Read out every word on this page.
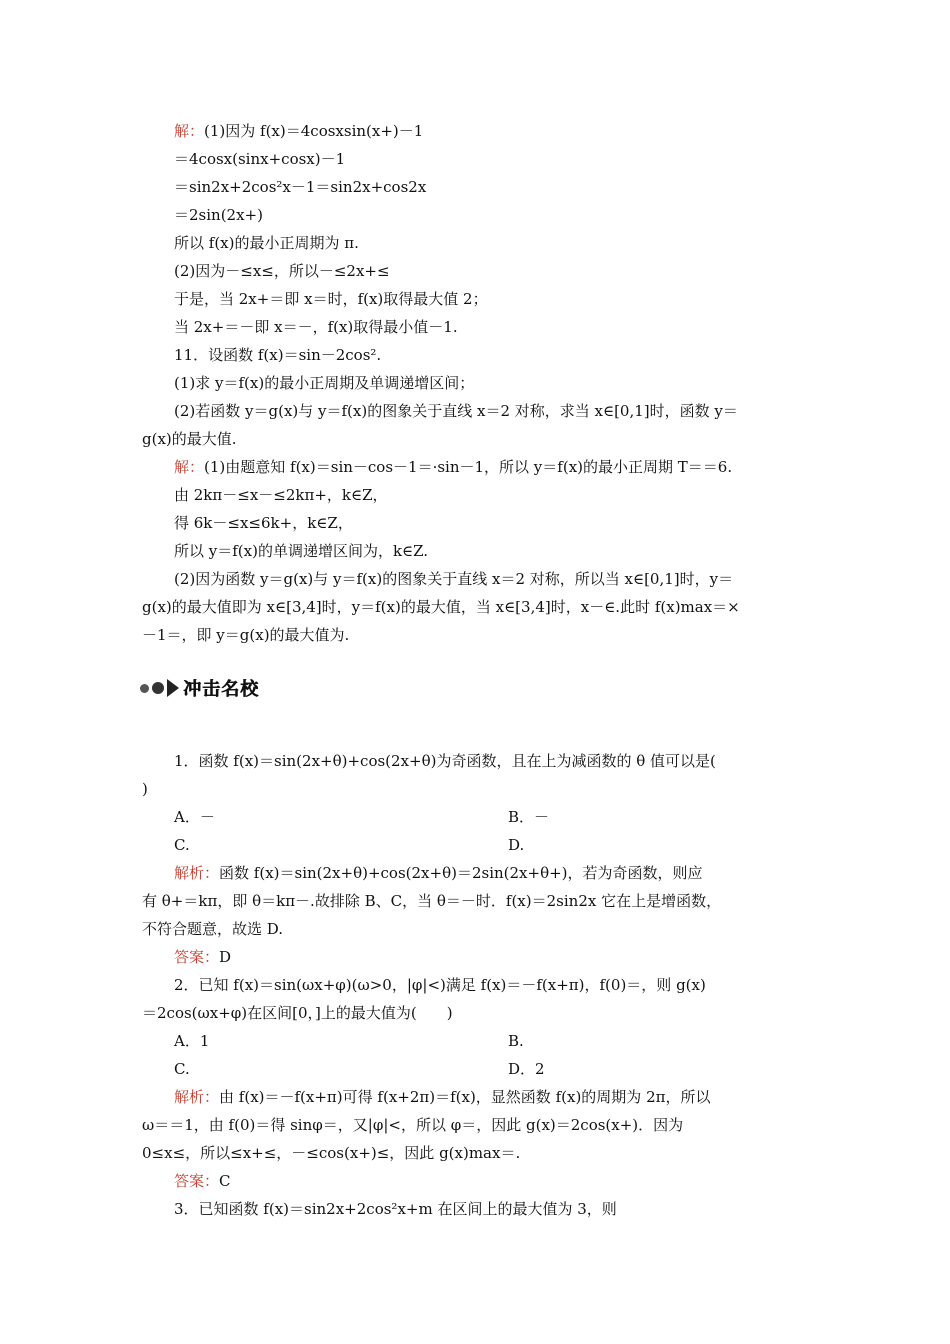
解：(1)因为 f(x)＝4cosxsin(x+)－1
＝4cosx(sinx+cosx)－1
＝sin2x+2cos²x－1＝sin2x+cos2x
＝2sin(2x+)
所以 f(x)的最小正周期为 π.
(2)因为－≤x≤，所以－≤2x+≤
于是，当 2x+＝即 x＝时，f(x)取得最大值 2；
当 2x+＝－即 x＝－，f(x)取得最小值－1.
11．设函数 f(x)＝sin－2cos².
(1)求 y＝f(x)的最小正周期及单调递增区间；
(2)若函数 y＝g(x)与 y＝f(x)的图象关于直线 x＝2 对称，求当 x∈[0,1]时，函数 y＝
g(x)的最大值.
解：(1)由题意知 f(x)＝sin－cos－1＝·sin－1，所以 y＝f(x)的最小正周期 T＝＝6.
由 2kπ－≤x－≤2kπ+，k∈Z，
得 6k－≤x≤6k+，k∈Z，
所以 y＝f(x)的单调递增区间为，k∈Z.
(2)因为函数 y＝g(x)与 y＝f(x)的图象关于直线 x＝2 对称，所以当 x∈[0,1]时，y＝
g(x)的最大值即为 x∈[3,4]时，y＝f(x)的最大值，当 x∈[3,4]时，x－∈.此时 f(x)max＝×
－1＝，即 y＝g(x)的最大值为.
冲击名校
1．函数 f(x)＝sin(2x+θ)+cos(2x+θ)为奇函数，且在上为减函数的 θ 值可以是(
)
A．－	B．－
C.	D.
解析：函数 f(x)＝sin(2x+θ)+cos(2x+θ)＝2sin(2x+θ+)，若为奇函数，则应
有 θ+＝kπ，即 θ＝kπ－.故排除 B、C，当 θ＝－时．f(x)＝2sin2x 它在上是增函数，
不符合题意，故选 D.
答案：D
2．已知 f(x)＝sin(ωx+φ)(ω>0，|φ|<)满足 f(x)＝－f(x+π)，f(0)＝，则 g(x)
＝2cos(ωx+φ)在区间[0，]上的最大值为(　　)
A．1	B.
C.	D．2
解析：由 f(x)＝－f(x+π)可得 f(x+2π)＝f(x)，显然函数 f(x)的周期为 2π，所以
ω＝＝1，由 f(0)＝得 sinφ＝，又|φ|<，所以 φ＝，因此 g(x)＝2cos(x+)．因为
0≤x≤，所以≤x+≤，－≤cos(x+)≤，因此 g(x)max＝.
答案：C
3．已知函数 f(x)＝sin2x+2cos²x+m 在区间上的最大值为 3，则
